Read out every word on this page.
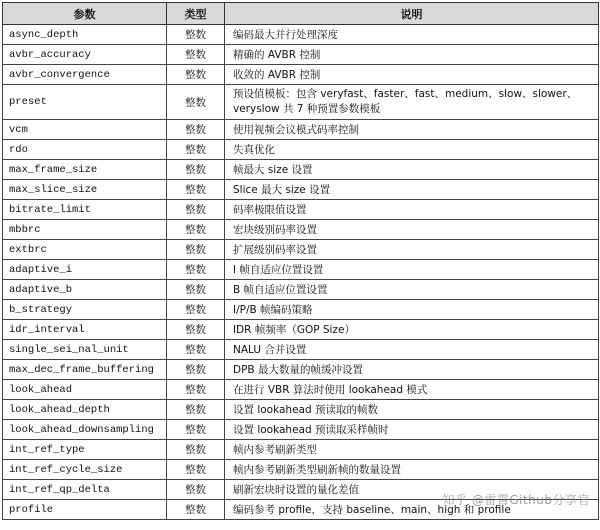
参数	类型	说明
async_depth	整数	编码最大并行处理深度
avbr_accuracy	整数	精确的 AVBR 控制
avbr_convergence	整数	收敛的 AVBR 控制
preset	整数	预设值模板：包含 veryfast、faster、fast、medium、slow、slower、veryslow 共 7 种预置参数模板
vcm	整数	使用视频会议模式码率控制
rdo	整数	失真优化
max_frame_size	整数	帧最大 size 设置
max_slice_size	整数	Slice 最大 size 设置
bitrate_limit	整数	码率极限值设置
mbbrc	整数	宏块级别码率设置
extbrc	整数	扩展级别码率设置
adaptive_i	整数	I 帧自适应位置设置
adaptive_b	整数	B 帧自适应位置设置
b_strategy	整数	I/P/B 帧编码策略
idr_interval	整数	IDR 帧频率（GOP Size）
single_sei_nal_unit	整数	NALU 合并设置
max_dec_frame_buffering	整数	DPB 最大数量的帧缓冲设置
look_ahead	整数	在进行 VBR 算法时使用 lookahead 模式
look_ahead_depth	整数	设置 lookahead 预读取的帧数
look_ahead_downsampling	整数	设置 lookahead 预读取采样帧时
int_ref_type	整数	帧内参考刷新类型
int_ref_cycle_size	整数	帧内参考刷新类型刷新帧的数量设置
int_ref_qp_delta	整数	刷新宏块时设置的量化差值
profile	整数	编码参考 profile，支持 baseline、main、high 和 profile
知乎 @雷霄Github分享官
